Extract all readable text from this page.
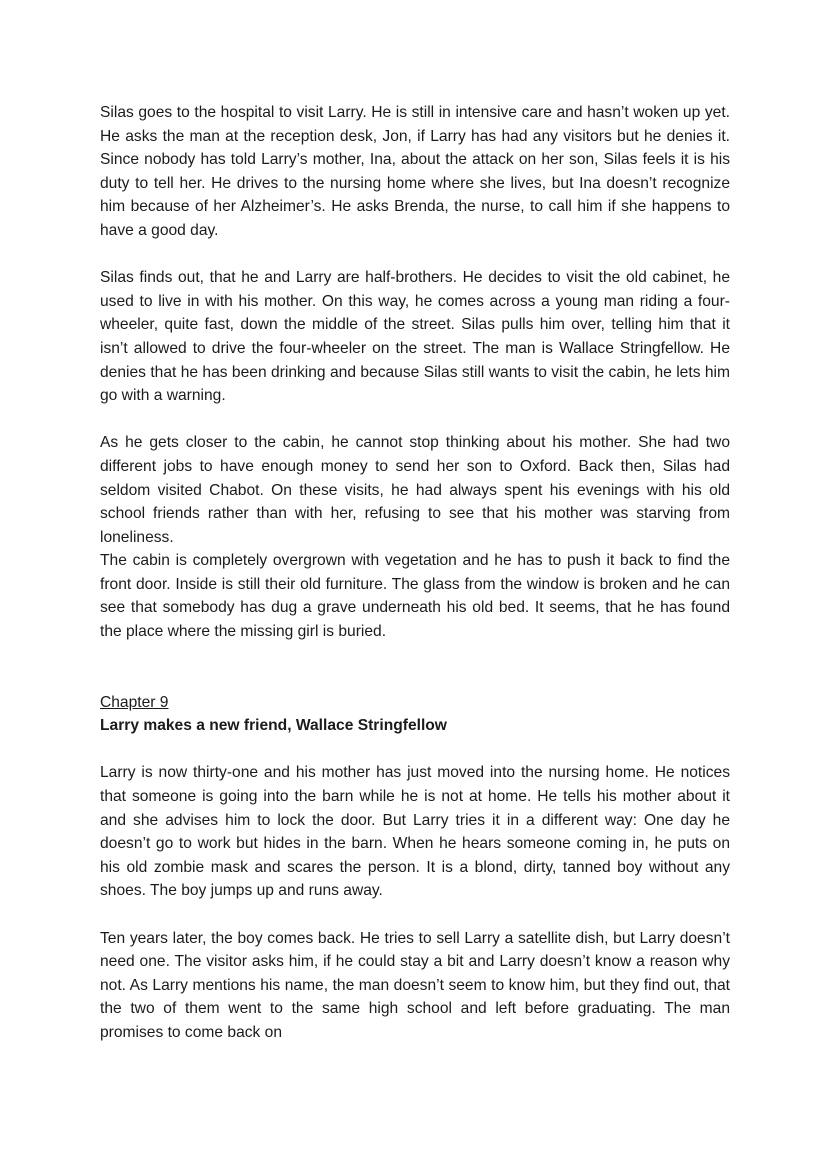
Silas goes to the hospital to visit Larry. He is still in intensive care and hasn’t woken up yet. He asks the man at the reception desk, Jon, if Larry has had any visitors but he denies it. Since nobody has told Larry’s mother, Ina, about the attack on her son, Silas feels it is his duty to tell her. He drives to the nursing home where she lives, but Ina doesn’t recognize him because of her Alzheimer’s. He asks Brenda, the nurse, to call him if she happens to have a good day.

Silas finds out, that he and Larry are half-brothers. He decides to visit the old cabinet, he used to live in with his mother. On this way, he comes across a young man riding a four-wheeler, quite fast, down the middle of the street. Silas pulls him over, telling him that it isn’t allowed to drive the four-wheeler on the street. The man is Wallace Stringfellow. He denies that he has been drinking and because Silas still wants to visit the cabin, he lets him go with a warning.

As he gets closer to the cabin, he cannot stop thinking about his mother. She had two different jobs to have enough money to send her son to Oxford. Back then, Silas had seldom visited Chabot. On these visits, he had always spent his evenings with his old school friends rather than with her, refusing to see that his mother was starving from loneliness.

The cabin is completely overgrown with vegetation and he has to push it back to find the front door. Inside is still their old furniture. The glass from the window is broken and he can see that somebody has dug a grave underneath his old bed. It seems, that he has found the place where the missing girl is buried.

Chapter 9

Larry makes a new friend, Wallace Stringfellow

Larry is now thirty-one and his mother has just moved into the nursing home. He notices that someone is going into the barn while he is not at home. He tells his mother about it and she advises him to lock the door. But Larry tries it in a different way: One day he doesn’t go to work but hides in the barn. When he hears someone coming in, he puts on his old zombie mask and scares the person. It is a blond, dirty, tanned boy without any shoes. The boy jumps up and runs away.

Ten years later, the boy comes back. He tries to sell Larry a satellite dish, but Larry doesn’t need one. The visitor asks him, if he could stay a bit and Larry doesn’t know a reason why not. As Larry mentions his name, the man doesn’t seem to know him, but they find out, that the two of them went to the same high school and left before graduating. The man promises to come back on
